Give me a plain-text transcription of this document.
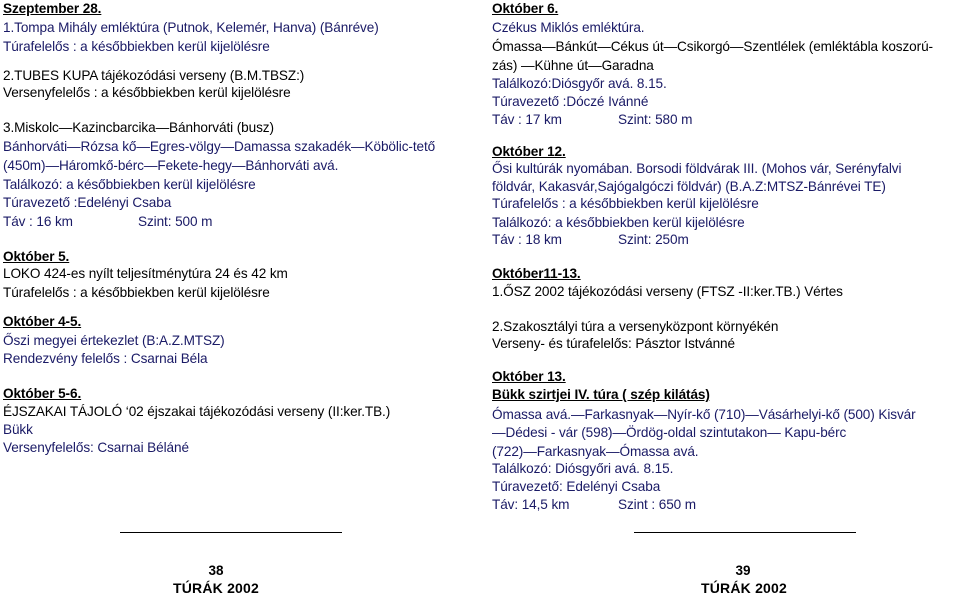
Szeptember 28.
1.Tompa Mihály emléktúra (Putnok, Kelemér, Hanva) (Bánréve)
Túrafelelős : a későbbiekben kerül kijelölésre
2.TUBES KUPA tájékozódási verseny (B.M.TBSZ:)
Versenyfelelős : a későbbiekben kerül kijelölésre
3.Miskolc—Kazincbarcika—Bánhorváti (busz)
Bánhorváti—Rózsa kő—Egres-völgy—Damassa szakadék—Köbölic-tető
(450m)—Háromkő-bérc—Fekete-hegy—Bánhorváti avá.
Találkozó: a későbbiekben kerül kijelölésre
Túravezető :Edelényi Csaba
Táv : 16 km	Szint: 500 m
Október 5.
LOKO 424-es nyílt teljesítménytúra 24 és 42 km
Túrafelelős : a későbbiekben kerül kijelölésre
Október 4-5.
Őszi megyei értekezlet (B:A.Z.MTSZ)
Rendezvény felelős : Csarnai Béla
Október 5-6.
ÉJSZAKAI TÁJOLÓ ‘02 éjszakai tájékozódási verseny (II:ker.TB.)
Bükk
Versenyfelelős: Csarnai Béláné
Október 6.
Czékus Miklós emléktúra.
Ómassa—Bánkút—Cékus út—Csikorgó—Szentlélek (emléktábla koszorú-
zás) —Kühne út—Garadna
Találkozó:Diósgyőr avá. 8.15.
Túravezető :Dóczé Ivánné
Táv : 17 km	Szint: 580 m
Október 12.
Ősi kultúrák nyomában. Borsodi földvárak III. (Mohos vár, Serényfalvi
földvár, Kakasvár,Sajógalgóczi földvár) (B.A.Z:MTSZ-Bánrévei TE)
Túrafelelős : a későbbiekben kerül kijelölésre
Találkozó: a későbbiekben kerül kijelölésre
Táv : 18 km	Szint: 250m
Október11-13.
1.ŐSZ 2002 tájékozódási verseny (FTSZ -II:ker.TB.) Vértes
2.Szakosztályi túra a versenyközpont környékén
Verseny- és túrafelelős: Pásztor Istvánné
Október 13.
Bükk szirtjei IV. túra ( szép kilátás)
Ómassa avá.—Farkasnyak—Nyír-kő (710)—Vásárhelyi-kő (500) Kisvár
—Dédesi - vár (598)—Ördög-oldal szintutakon— Kapu-bérc
(722)—Farkasnyak—Ómassa avá.
Találkozó: Diósgyőri avá. 8.15.
Túravezető: Edelényi Csaba
Táv: 14,5 km	Szint : 650 m
38
TÚRÁK 2002
39
TÚRÁK 2002
